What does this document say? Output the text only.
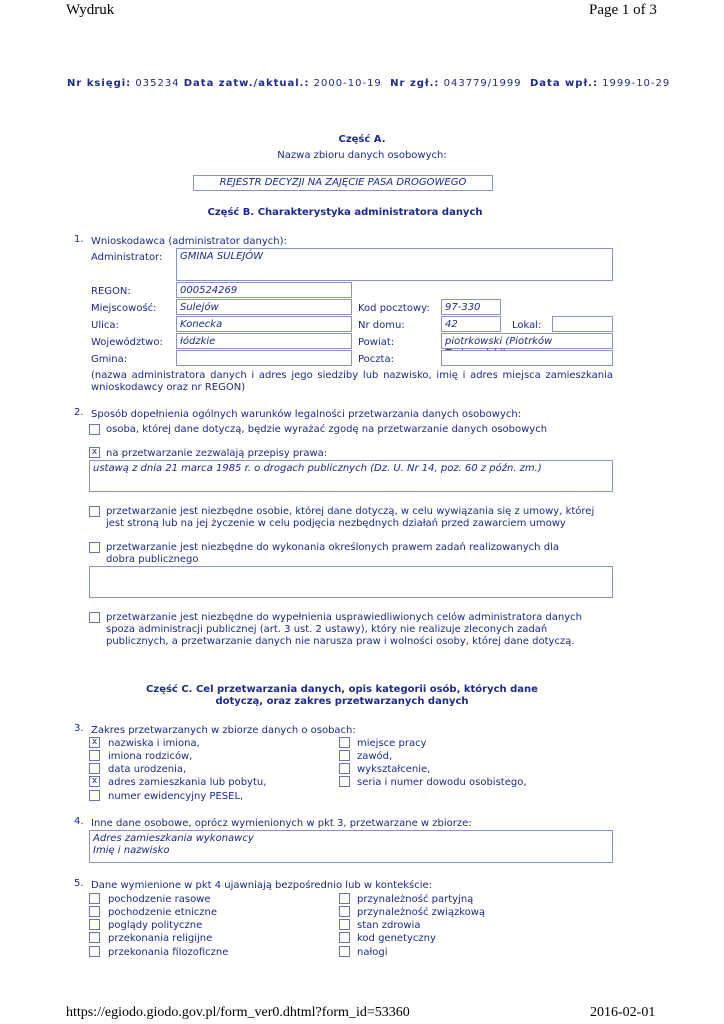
Wydruk	Page 1 of 3
Nr księgi: 035234 Data zatw./aktual.: 2000-10-19 Nr zgł.: 043779/1999 Data wpł.: 1999-10-29
Część A.
Nazwa zbioru danych osobowych:
REJESTR DECYZJI NA ZAJĘCIE PASA DROGOWEGO
Część B. Charakterystyka administratora danych
1. Wnioskodawca (administrator danych):
Administrator:	GMINA SULEJÓW
REGON:	000524269
Miejscowość:	Sulejów	Kod pocztowy:	97-330
Ulica:	Konecka	Nr domu:	42	Lokal:
Województwo:	łódzkie	Powiat:	piotrkowski (Piotrków
Gmina:	Poczta:
(nazwa administratora danych i adres jego siedziby lub nazwisko, imię i adres miejsca zamieszkania wnioskodawcy oraz nr REGON)
2. Sposób dopełnienia ogólnych warunków legalności przetwarzania danych osobowych:
osoba, której dane dotyczą, będzie wyrażać zgodę na przetwarzanie danych osobowych
x na przetwarzanie zezwalają przepisy prawa:
ustawą z dnia 21 marca 1985 r. o drogach publicznych (Dz. U. Nr 14, poz. 60 z późn. zm.)
przetwarzanie jest niezbędne osobie, której dane dotyczą, w celu wywiązania się z umowy, której jest stroną lub na jej życzenie w celu podjęcia nezbędnych działań przed zawarciem umowy
przetwarzanie jest niezbędne do wykonania określonych prawem zadań realizowanych dla dobra publicznego
przetwarzanie jest niezbędne do wypełnienia usprawiedliwionych celów administratora danych spoza administracji publicznej (art. 3 ust. 2 ustawy), który nie realizuje zleconych zadań publicznych, a przetwarzanie danych nie narusza praw i wolności osoby, której dane dotyczą.
Część C. Cel przetwarzania danych, opis kategorii osób, których dane
dotyczą, oraz zakres przetwarzanych danych
3. Zakres przetwarzanych w zbiorze danych o osobach:
x nazwiska i imiona,
imiona rodziców,
data urodzenia,
x adres zamieszkania lub pobytu,
numer ewidencyjny PESEL,
miejsce pracy
zawód,
wykształcenie,
seria i numer dowodu osobistego,
4. Inne dane osobowe, oprócz wymienionych w pkt 3, przetwarzane w zbiorze:
Adres zamieszkania wykonawcy
Imię i nazwisko
5. Dane wymienione w pkt 4 ujawniają bezpośrednio lub w kontekście:
pochodzenie rasowe
pochodzenie etniczne
poglądy polityczne
przekonania religijne
przekonania filozoficzne
przynależność partyjną
przynależność związkową
stan zdrowia
kod genetyczny
nałogi
https://egiodo.giodo.gov.pl/form_ver0.dhtml?form_id=53360	2016-02-01
